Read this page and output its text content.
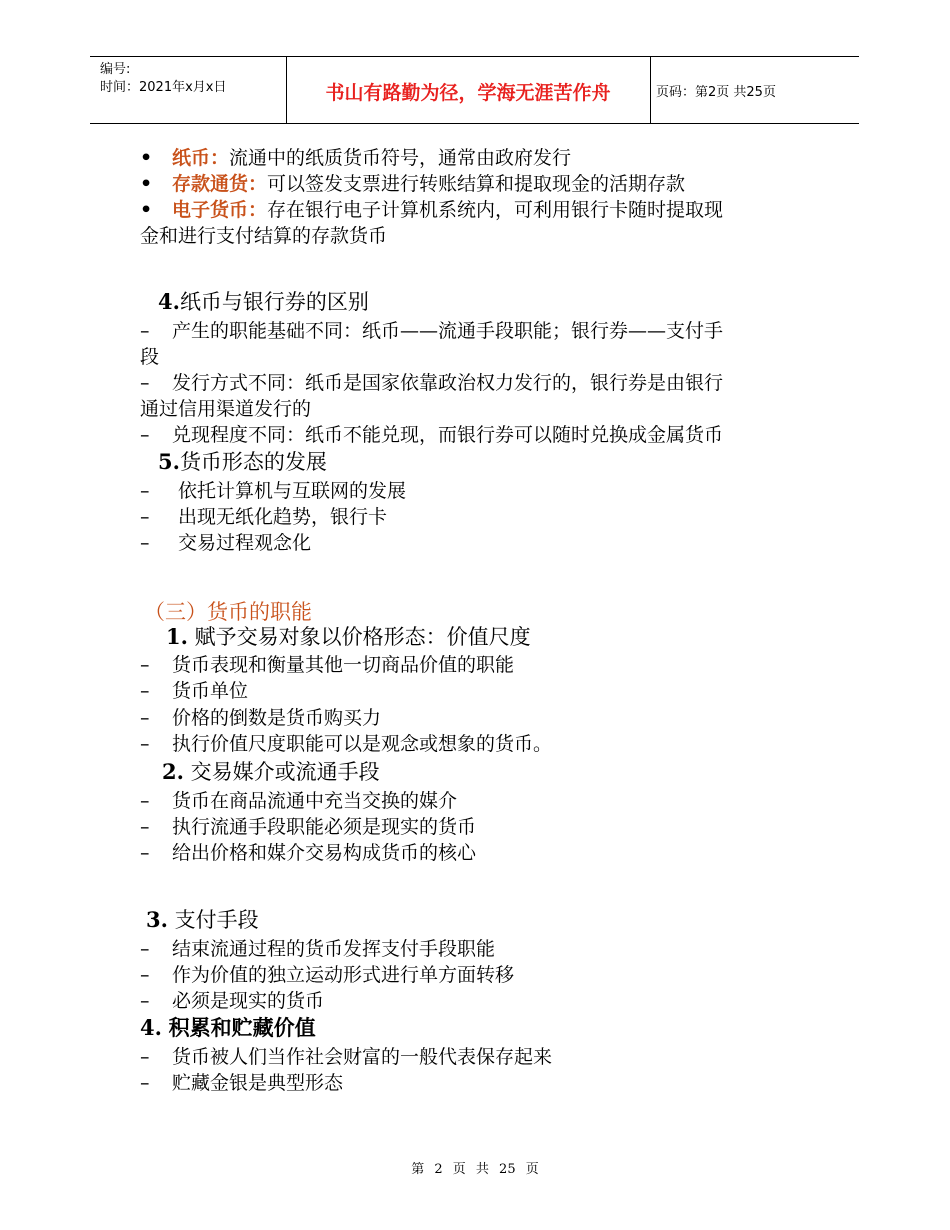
编号:
时间：2021年x月x日	书山有路勤为径，学海无涯苦作舟	页码：第2页 共25页
• 纸币：流通中的纸质货币符号，通常由政府发行
• 存款通货：可以签发支票进行转账结算和提取现金的活期存款
• 电子货币：存在银行电子计算机系统内，可利用银行卡随时提取现
金和进行支付结算的存款货币
4.纸币与银行券的区别
– 产生的职能基础不同：纸币——流通手段职能；银行券——支付手
段
– 发行方式不同：纸币是国家依靠政治权力发行的，银行券是由银行
通过信用渠道发行的
– 兑现程度不同：纸币不能兑现，而银行券可以随时兑换成金属货币
5.货币形态的发展
– 依托计算机与互联网的发展
– 出现无纸化趋势，银行卡
– 交易过程观念化
（三）货币的职能
1. 赋予交易对象以价格形态：价值尺度
– 货币表现和衡量其他一切商品价值的职能
– 货币单位
– 价格的倒数是货币购买力
– 执行价值尺度职能可以是观念或想象的货币。
2. 交易媒介或流通手段
– 货币在商品流通中充当交换的媒介
– 执行流通手段职能必须是现实的货币
– 给出价格和媒介交易构成货币的核心
3. 支付手段
– 结束流通过程的货币发挥支付手段职能
– 作为价值的独立运动形式进行单方面转移
– 必须是现实的货币
4. 积累和贮藏价值
– 货币被人们当作社会财富的一般代表保存起来
– 贮藏金银是典型形态
第 2 页 共 25 页
